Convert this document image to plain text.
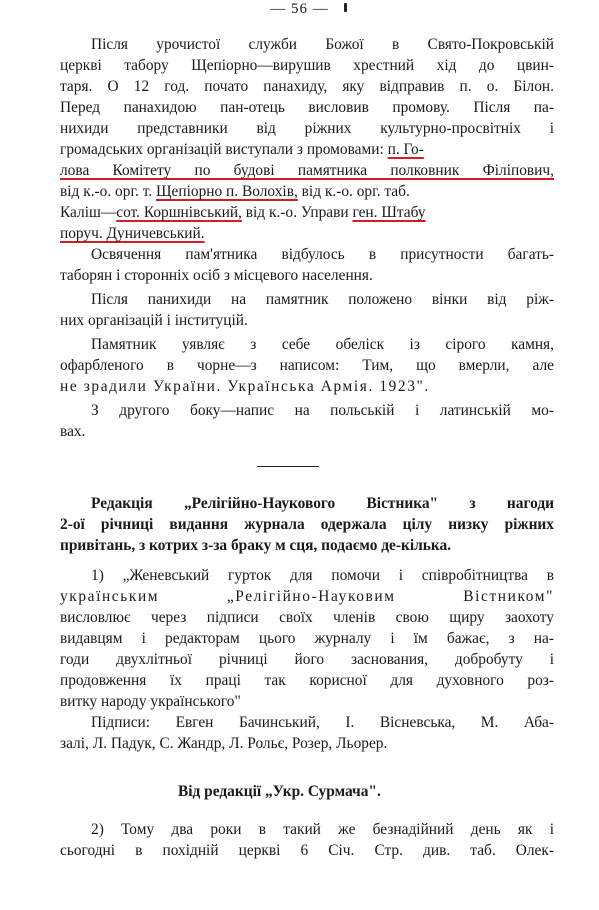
— 56 —
Після урочистої служби Божої в Свято-Покровській
церкві табору Щепіорно—вирушив хрестний хід до цвин-
таря. О 12 год. почато панахиду, яку відправив п. о. Білон.
Перед панахидою пан-отець висловив промову. Після па-
нихиди представники від ріжних культурно-просвітніх і
громадських організацій виступали з промовами: п. Го-
лова Комітету по будові памятника полковник Філіпович,
від к.-о. орг. т. Щепіорно п. Волохів, від к.-о. орг. таб.
Каліш—сот. Коршнівський, від к.-о. Управи ген. Штабу
поруч. Дуничевський.
Освячення пам'ятника відбулось в присутности багать-
таборян і сторонніх осіб з місцевого населення.
Після панихиди на памятник положено вінки від ріж-
них організацій і інституцій.
Памятник уявляє з себе обеліск із сірого камня,
офарбленого в чорне—з написом: Тим, що вмерли, але
не зрадили України. Українська Армія. 1923".
З другого боку—напис на польській і латинській мо-
вах.
Редакція „Релігійно-Наукового Вістника" з нагоди
2-ої річниці видання журнала одержала цілу низку ріжних
привітань, з котрих з-за браку м сця, подаємо де-кілька.
1) „Женевський гурток для помочи і співробітництва в
українським „Релігійно-Науковим Вістником"
висловлює через підписи своїх членів свою щиру заохоту
видавцям і редакторам цього журналу і їм бажає, з на-
годи двухлітньої річниці його заснования, добробуту і
продовження їх праці так корисної для духовного роз-
витку народу українського"
Підписи: Евген Бачинський, І. Вісневська, М. Аба-
залі, Л. Падук, С. Жандр, Л. Рольє, Розер, Льорер.
Від редакції „Укр. Сурмача".
2) Тому два роки в такий же безнадійний день як і
сьогодні в похідній церкві 6 Січ. Стр. див. таб. Олек-
